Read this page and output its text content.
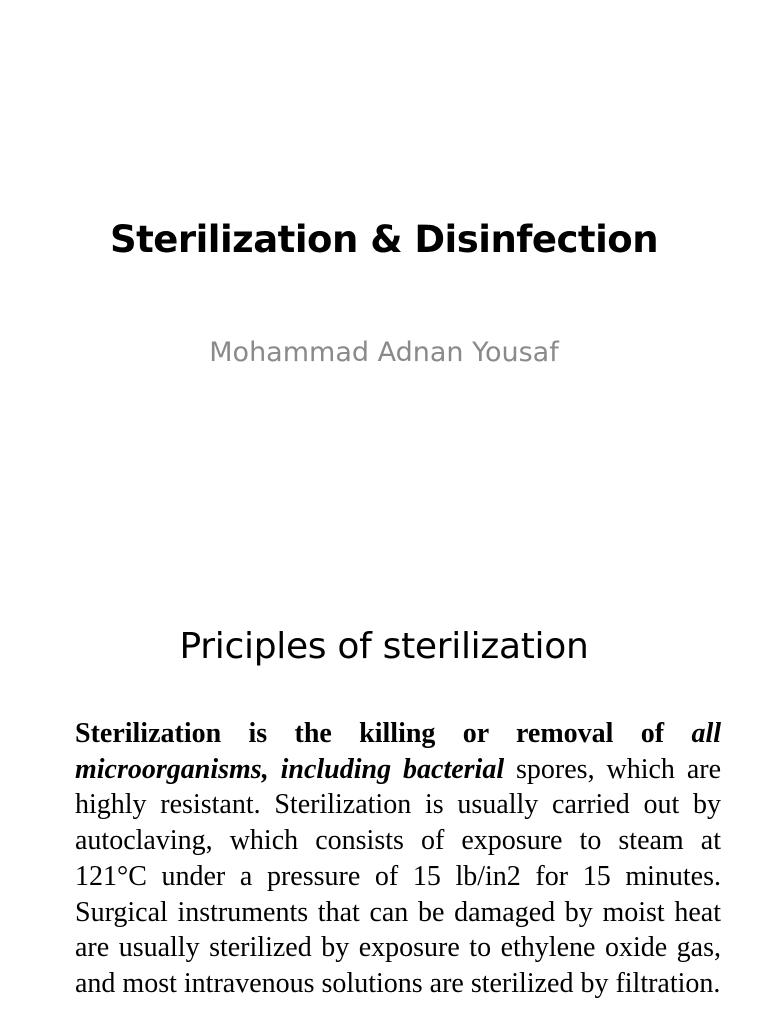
Sterilization & Disinfection
Mohammad Adnan Yousaf
Priciples of sterilization

Sterilization is the killing or removal of all microorganisms, including bacterial spores, which are highly resistant. Sterilization is usually carried out by autoclaving, which consists of exposure to steam at 121°C under a pressure of 15 lb/in2 for 15 minutes. Surgical instruments that can be damaged by moist heat are usually sterilized by exposure to ethylene oxide gas, and most intravenous solutions are sterilized by filtration.
